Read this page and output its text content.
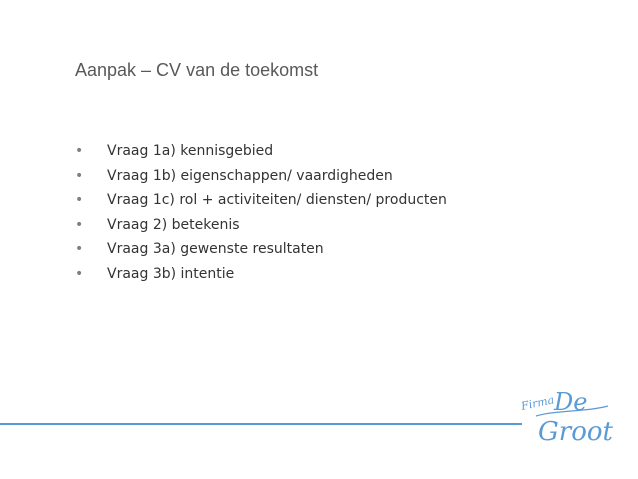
Aanpak – CV van de toekomst
•	Vraag 1a) kennisgebied
•	Vraag 1b) eigenschappen/ vaardigheden
•	Vraag 1c) rol + activiteiten/ diensten/ producten
•	Vraag 2) betekenis
•	Vraag 3a) gewenste resultaten
•	Vraag 3b) intentie
Firma
De
Groot
